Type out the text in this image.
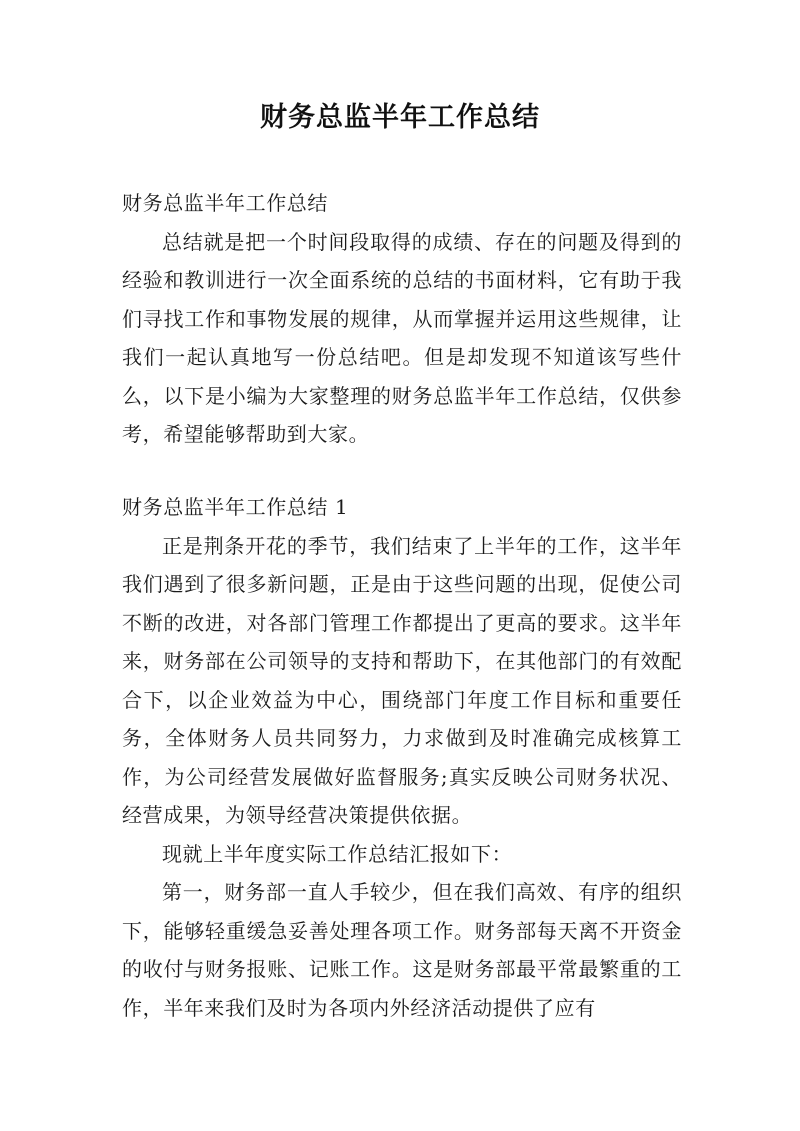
财务总监半年工作总结

财务总监半年工作总结

总结就是把一个时间段取得的成绩、存在的问题及得到的经验和教训进行一次全面系统的总结的书面材料，它有助于我们寻找工作和事物发展的规律，从而掌握并运用这些规律，让我们一起认真地写一份总结吧。但是却发现不知道该写些什么，以下是小编为大家整理的财务总监半年工作总结，仅供参考，希望能够帮助到大家。

财务总监半年工作总结 1

正是荆条开花的季节，我们结束了上半年的工作，这半年我们遇到了很多新问题，正是由于这些问题的出现，促使公司不断的改进，对各部门管理工作都提出了更高的要求。这半年来，财务部在公司领导的支持和帮助下，在其他部门的有效配合下，以企业效益为中心，围绕部门年度工作目标和重要任务，全体财务人员共同努力，力求做到及时准确完成核算工作，为公司经营发展做好监督服务;真实反映公司财务状况、经营成果，为领导经营决策提供依据。

现就上半年度实际工作总结汇报如下：

第一，财务部一直人手较少，但在我们高效、有序的组织下，能够轻重缓急妥善处理各项工作。财务部每天离不开资金的收付与财务报账、记账工作。这是财务部最平常最繁重的工作，半年来我们及时为各项内外经济活动提供了应有
